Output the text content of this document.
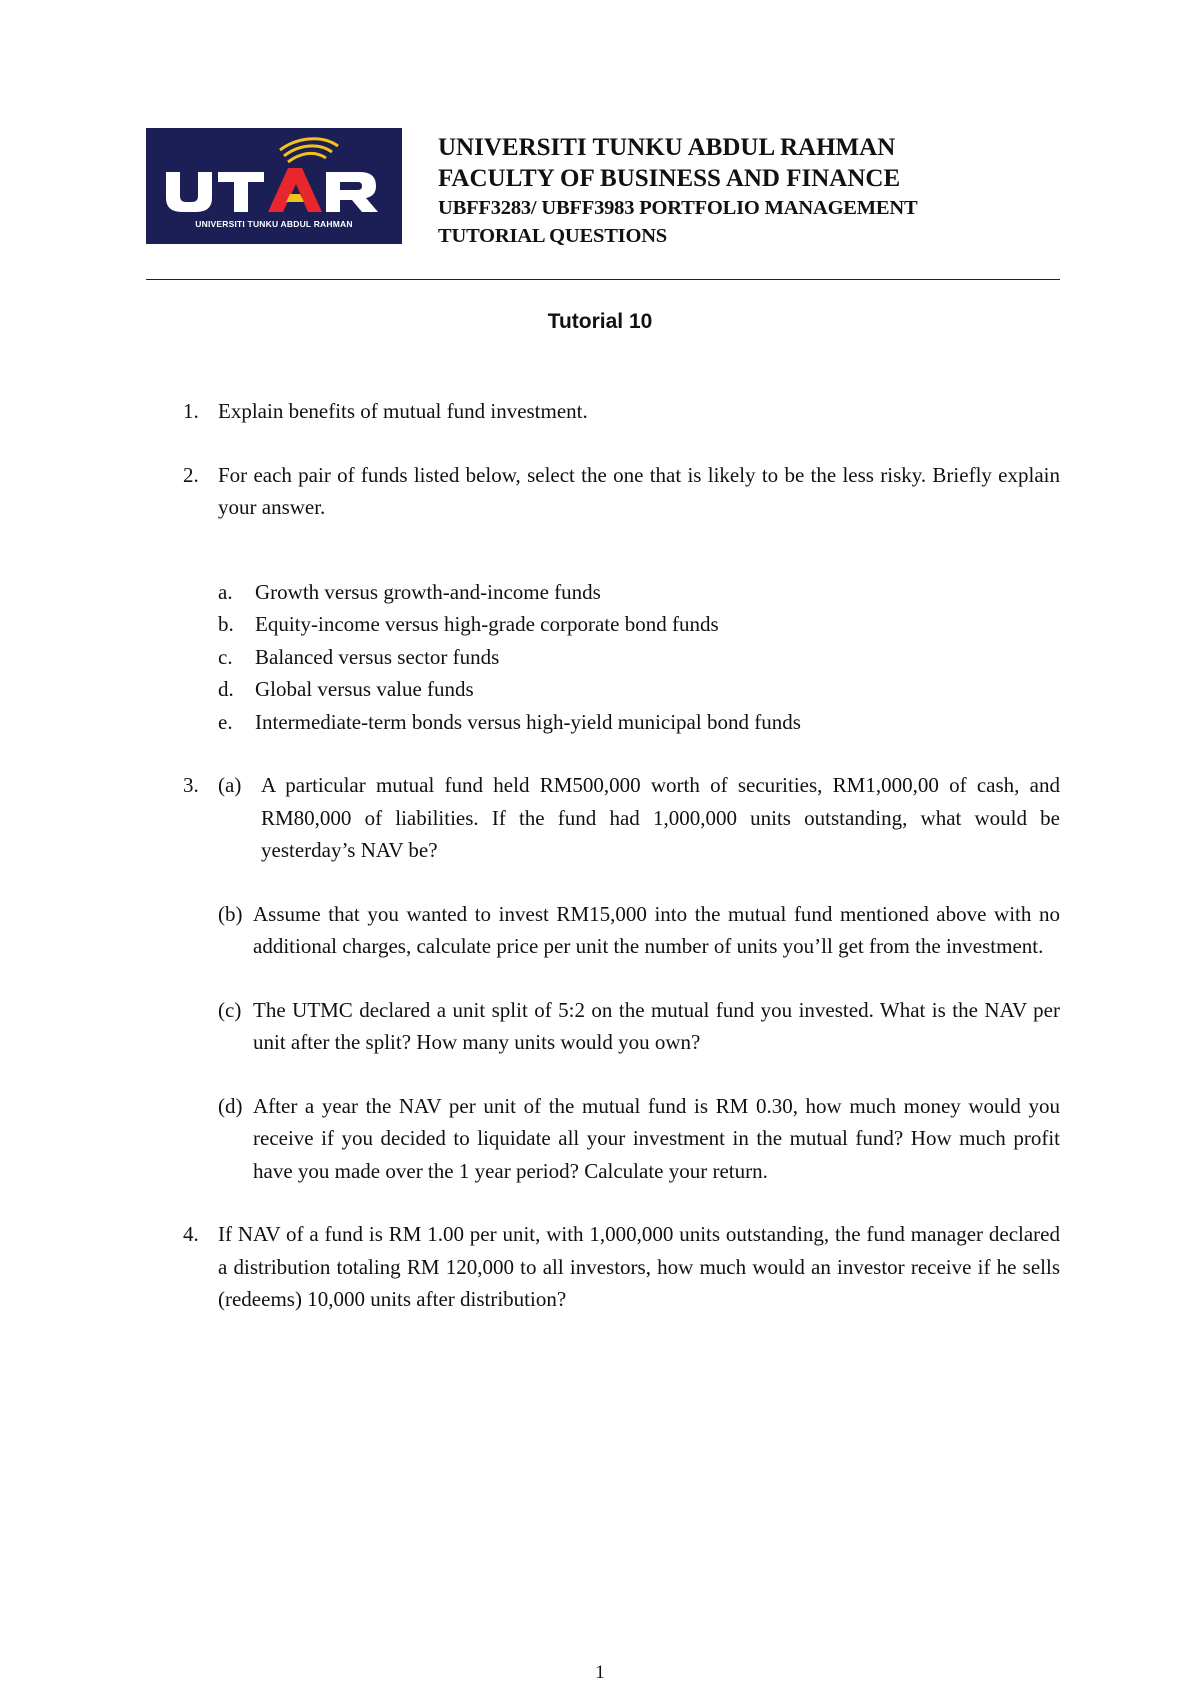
UNIVERSITI TUNKU ABDUL RAHMAN
UNIVERSITI TUNKU ABDUL RAHMAN
FACULTY OF BUSINESS AND FINANCE
UBFF3283/ UBFF3983 PORTFOLIO MANAGEMENT
TUTORIAL QUESTIONS
Tutorial 10
1. Explain benefits of mutual fund investment.
2. For each pair of funds listed below, select the one that is likely to be the less risky. Briefly explain your answer.
a. Growth versus growth-and-income funds
b. Equity-income versus high-grade corporate bond funds
c. Balanced versus sector funds
d. Global versus value funds
e. Intermediate-term bonds versus high-yield municipal bond funds
3. (a) A particular mutual fund held RM500,000 worth of securities, RM1,000,00 of cash, and RM80,000 of liabilities. If the fund had 1,000,000 units outstanding, what would be yesterday’s NAV be?
(b) Assume that you wanted to invest RM15,000 into the mutual fund mentioned above with no additional charges, calculate price per unit the number of units you’ll get from the investment.
(c) The UTMC declared a unit split of 5:2 on the mutual fund you invested. What is the NAV per unit after the split? How many units would you own?
(d) After a year the NAV per unit of the mutual fund is RM 0.30, how much money would you receive if you decided to liquidate all your investment in the mutual fund? How much profit have you made over the 1 year period? Calculate your return.
4. If NAV of a fund is RM 1.00 per unit, with 1,000,000 units outstanding, the fund manager declared a distribution totaling RM 120,000 to all investors, how much would an investor receive if he sells (redeems) 10,000 units after distribution?
1
